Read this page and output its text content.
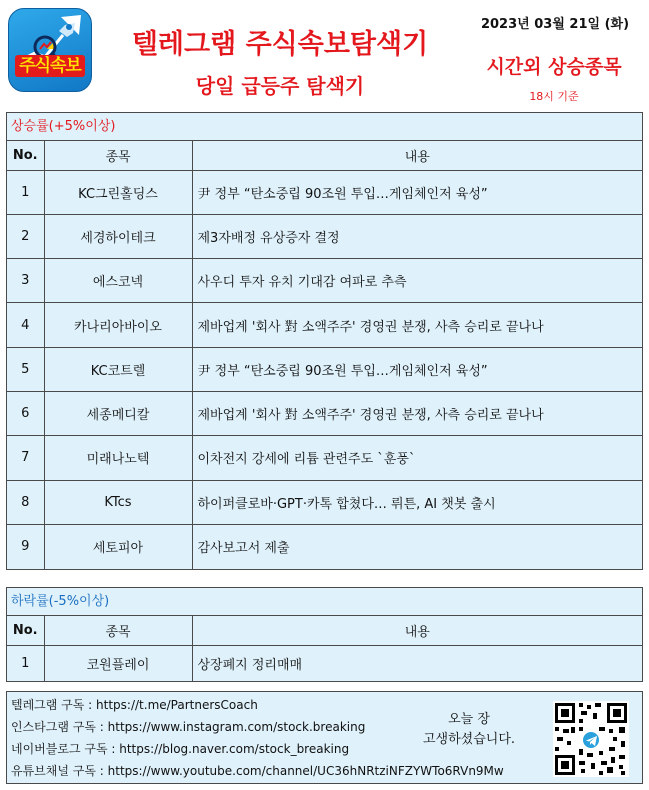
주식속보
텔레그램 주식속보탐색기
당일 급등주 탐색기
2023년 03월 21일 (화)
시간외 상승종목
18시 기준
상승률(+5%이상)
No.	종목	내용
1	KC그린홀딩스	尹 정부 “탄소중립 90조원 투입…게임체인저 육성”
2	세경하이테크	제3자배정 유상증자 결정
3	에스코넥	사우디 투자 유치 기대감 여파로 추측
4	카나리아바이오	제바업계 '회사 對 소액주주' 경영권 분쟁, 사측 승리로 끝나나
5	KC코트렐	尹 정부 “탄소중립 90조원 투입…게임체인저 육성”
6	세종메디칼	제바업계 '회사 對 소액주주' 경영권 분쟁, 사측 승리로 끝나나
7	미래나노텍	이차전지 강세에 리튬 관련주도 `훈풍`
8	KTcs	하이퍼클로바·GPT·카톡 합쳤다… 뤼튼, AI 챗봇 출시
9	세토피아	감사보고서 제출
하락률(-5%이상)
No.	종목	내용
1	코원플레이	상장폐지 정리매매
텔레그램 구독 : https://t.me/PartnersCoach
인스타그램 구독 : https://www.instagram.com/stock.breaking
네이버블로그 구독 : https://blog.naver.com/stock_breaking
유튜브채널 구독 : https://www.youtube.com/channel/UC36hNRtziNFZYWTo6RVn9Mw
오늘 장
고생하셨습니다.
